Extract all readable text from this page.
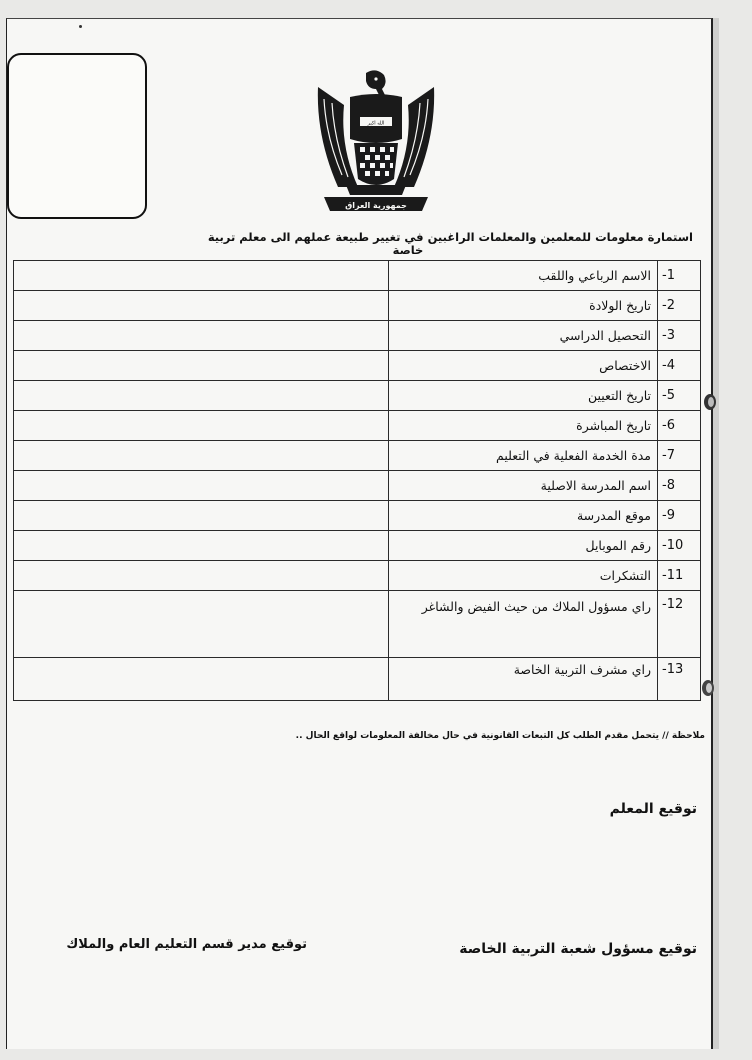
الله اكبر
جمهورية العراق
استمارة معلومات للمعلمين والمعلمات الراغبين في تغيير طبيعة عملهم الى معلم تربية
خاصة
-1	الاسم الرباعي واللقب	
-2	تاريخ الولادة	
-3	التحصيل الدراسي	
-4	الاختصاص	
-5	تاريخ التعيين	
-6	تاريخ المباشرة	
-7	مدة الخدمة الفعلية في التعليم	
-8	اسم المدرسة الاصلية	
-9	موقع المدرسة	
-10	رقم الموبايل	
-11	التشكرات	
-12	راي مسؤول الملاك من حيث الفيض والشاغر	
-13	راي مشرف التربية الخاصة	
ملاحظة // يتحمل مقدم الطلب كل التبعات القانونية في حال مخالفة المعلومات لواقع الحال ..
توقيع المعلم
توقيع مسؤول شعبة التربية الخاصة
توقيع مدير قسم التعليم العام والملاك
